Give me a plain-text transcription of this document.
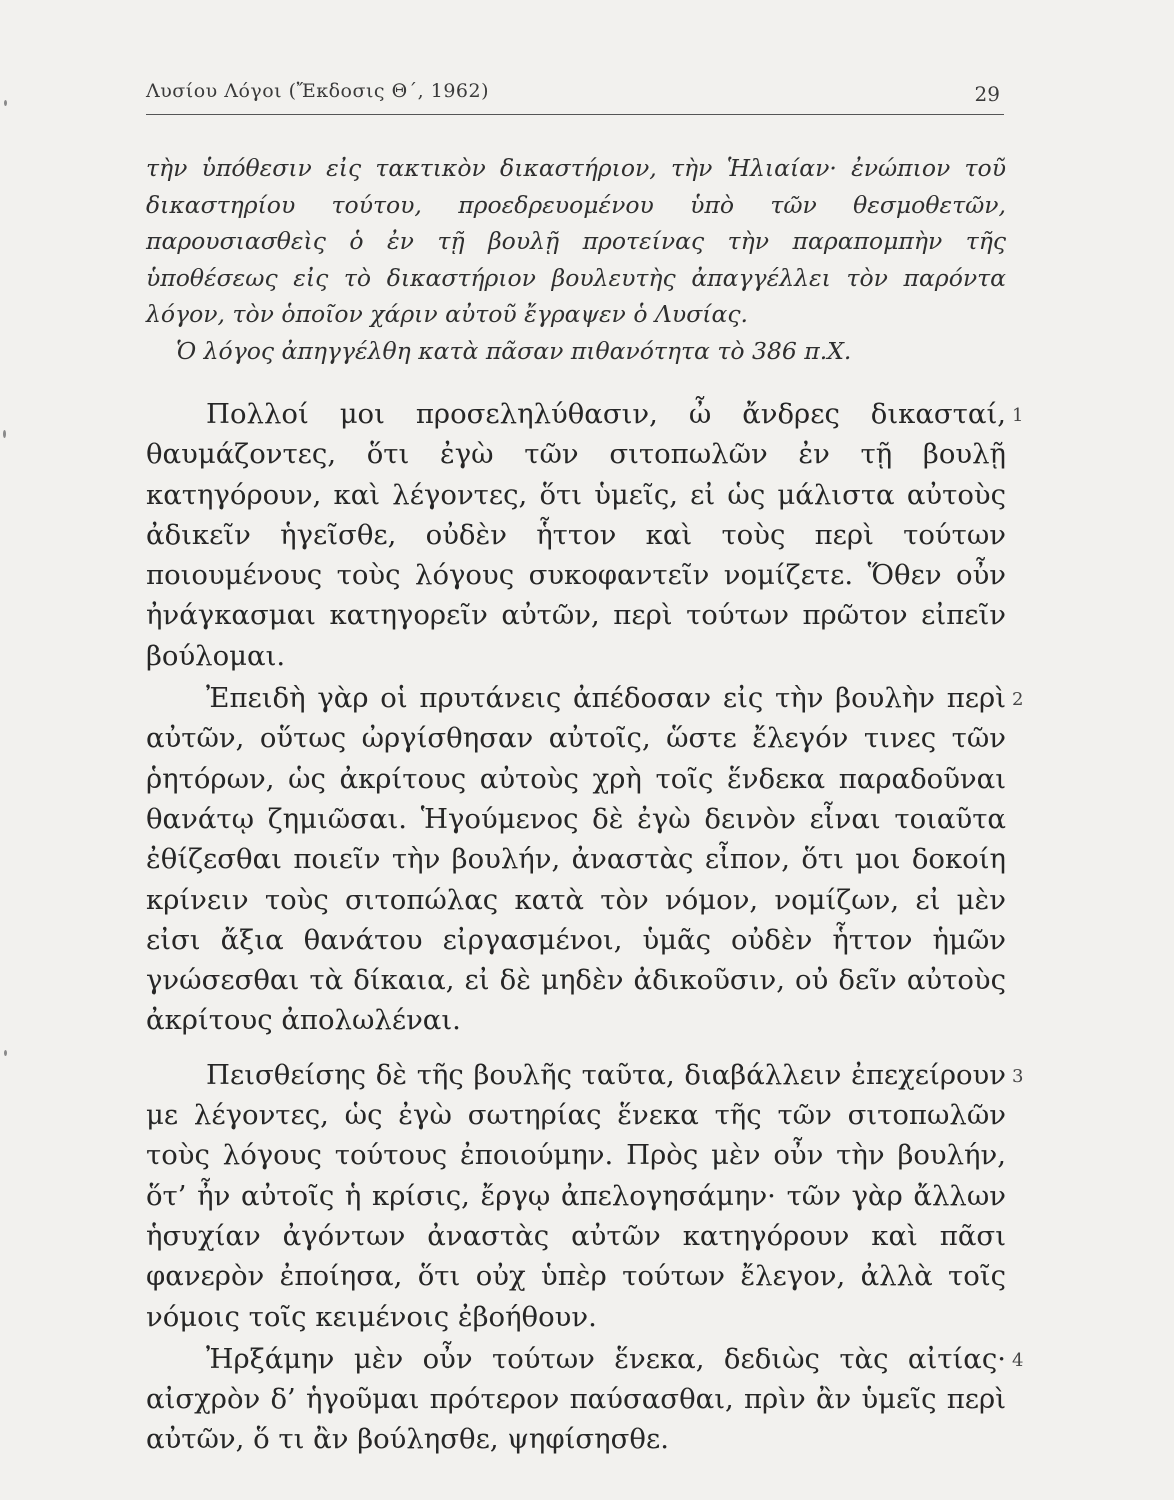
Λυσίου Λόγοι (Ἔκδοσις Θ΄, 1962)	29

τὴν ὑπόθεσιν εἰς τακτικὸν δικαστήριον, τὴν Ἡλιαίαν· ἐνώπιον τοῦ δικαστηρίου τούτου, προεδρευομένου ὑπὸ τῶν θεσμοθετῶν, παρουσιασθεὶς ὁ ἐν τῇ βουλῇ προτείνας τὴν παραπομπὴν τῆς ὑποθέσεως εἰς τὸ δικαστήριον βουλευτὴς ἀπαγγέλλει τὸν παρόντα λόγον, τὸν ὁποῖον χάριν αὐτοῦ ἔγραψεν ὁ Λυσίας.

Ὁ λόγος ἀπηγγέλθη κατὰ πᾶσαν πιθανότητα τὸ 386 π.Χ.

Πολλοί μοι προσεληλύθασιν, ὦ ἄνδρες δικασταί, θαυμάζοντες, ὅτι ἐγὼ τῶν σιτοπωλῶν ἐν τῇ βουλῇ κατηγόρουν, καὶ λέγοντες, ὅτι ὑμεῖς, εἰ ὡς μάλιστα αὐτοὺς ἀδικεῖν ἡγεῖσθε, οὐδὲν ἧττον καὶ τοὺς περὶ τούτων ποιουμένους τοὺς λόγους συκοφαντεῖν νομίζετε. Ὅθεν οὖν ἠνάγκασμαι κατηγορεῖν αὐτῶν, περὶ τούτων πρῶτον εἰπεῖν βούλομαι.

1

Ἐπειδὴ γὰρ οἱ πρυτάνεις ἀπέδοσαν εἰς τὴν βουλὴν περὶ αὐτῶν, οὕτως ὠργίσθησαν αὐτοῖς, ὥστε ἔλεγόν τινες τῶν ῥητόρων, ὡς ἀκρίτους αὐτοὺς χρὴ τοῖς ἕνδεκα παραδοῦναι θανάτῳ ζημιῶσαι. Ἡγούμενος δὲ ἐγὼ δεινὸν εἶναι τοιαῦτα ἐθίζεσθαι ποιεῖν τὴν βουλήν, ἀναστὰς εἶπον, ὅτι μοι δοκοίη κρίνειν τοὺς σιτοπώλας κατὰ τὸν νόμον, νομίζων, εἰ μὲν εἰσι ἄξια θανάτου εἰργασμένοι, ὑμᾶς οὐδὲν ἧττον ἡμῶν γνώσεσθαι τὰ δίκαια, εἰ δὲ μηδὲν ἀδικοῦσιν, οὐ δεῖν αὐτοὺς ἀκρίτους ἀπολωλέναι.

2

Πεισθείσης δὲ τῆς βουλῆς ταῦτα, διαβάλλειν ἐπεχείρουν με λέγοντες, ὡς ἐγὼ σωτηρίας ἕνεκα τῆς τῶν σιτοπωλῶν τοὺς λόγους τούτους ἐποιούμην. Πρὸς μὲν οὖν τὴν βουλήν, ὅτ’ ἦν αὐτοῖς ἡ κρίσις, ἔργῳ ἀπελογησάμην· τῶν γὰρ ἄλλων ἡσυχίαν ἀγόντων ἀναστὰς αὐτῶν κατηγόρουν καὶ πᾶσι φανερὸν ἐποίησα, ὅτι οὐχ ὑπὲρ τούτων ἔλεγον, ἀλλὰ τοῖς νόμοις τοῖς κειμένοις ἐβοήθουν.

3

Ἠρξάμην μὲν οὖν τούτων ἕνεκα, δεδιὼς τὰς αἰτίας· αἰσχρὸν δ’ ἡγοῦμαι πρότερον παύσασθαι, πρὶν ἂν ὑμεῖς περὶ αὐτῶν, ὅ τι ἂν βούλησθε, ψηφίσησθε.

4
